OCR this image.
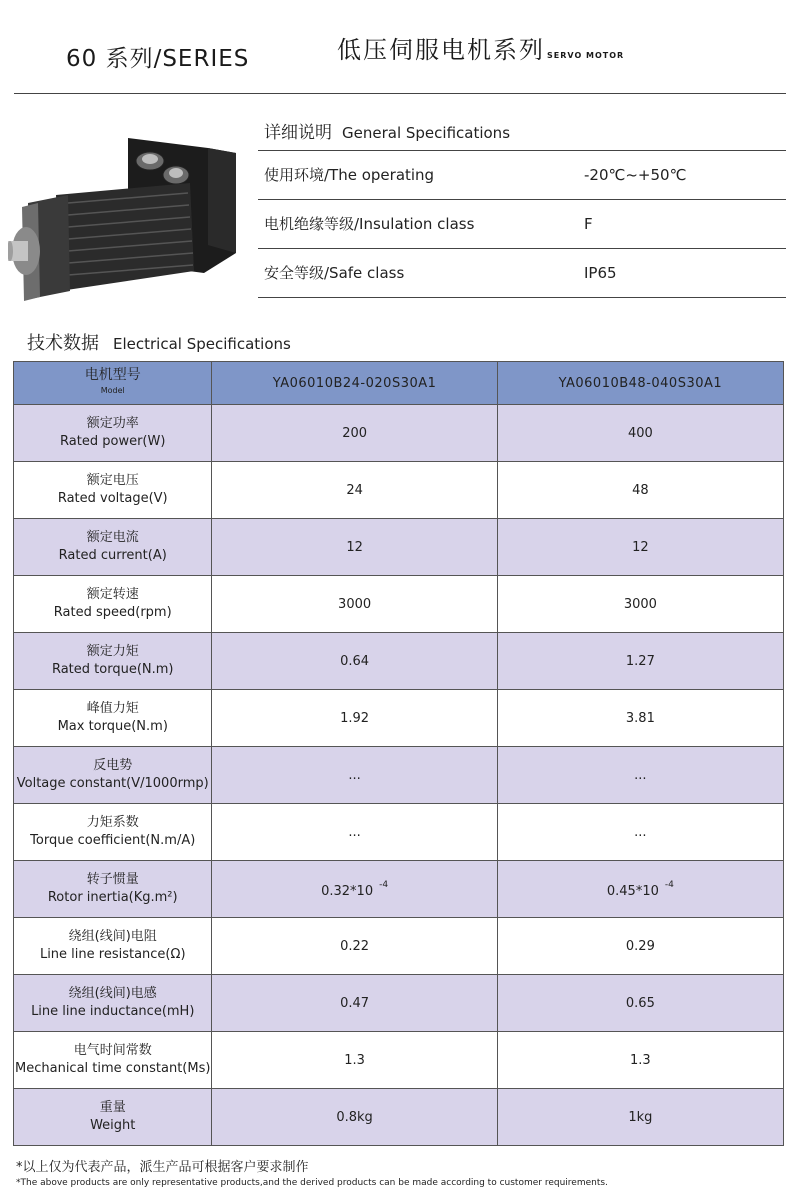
60 系列/SERIES	低压伺服电机系列 SERVO MOTOR
详细说明 General Specifications
使用环境/The operating	-20℃~+50℃
电机绝缘等级/Insulation class	F
安全等级/Safe class	IP65
技术数据 Electrical Specifications
电机型号
Model	YA06010B24-020S30A1	YA06010B48-040S30A1
额定功率
Rated power(W)	200	400
额定电压
Rated voltage(V)	24	48
额定电流
Rated current(A)	12	12
额定转速
Rated speed(rpm)	3000	3000
额定力矩
Rated torque(N.m)	0.64	1.27
峰值力矩
Max torque(N.m)	1.92	3.81
反电势
Voltage constant(V/1000rmp)	...	...
力矩系数
Torque coefficient(N.m/A)	...	...
转子惯量
Rotor inertia(Kg.m²)	0.32*10 $^{-4}$	0.45*10 $^{-4}$
绕组(线间)电阻
Line line resistance(Ω)	0.22	0.29
绕组(线间)电感
Line line inductance(mH)	0.47	0.65
电气时间常数
Mechanical time constant(Ms)	1.3	1.3
重量
Weight	0.8kg	1kg
*以上仅为代表产品，派生产品可根据客户要求制作
*The above products are only representative products,and the derived products can be made according to customer requirements.
